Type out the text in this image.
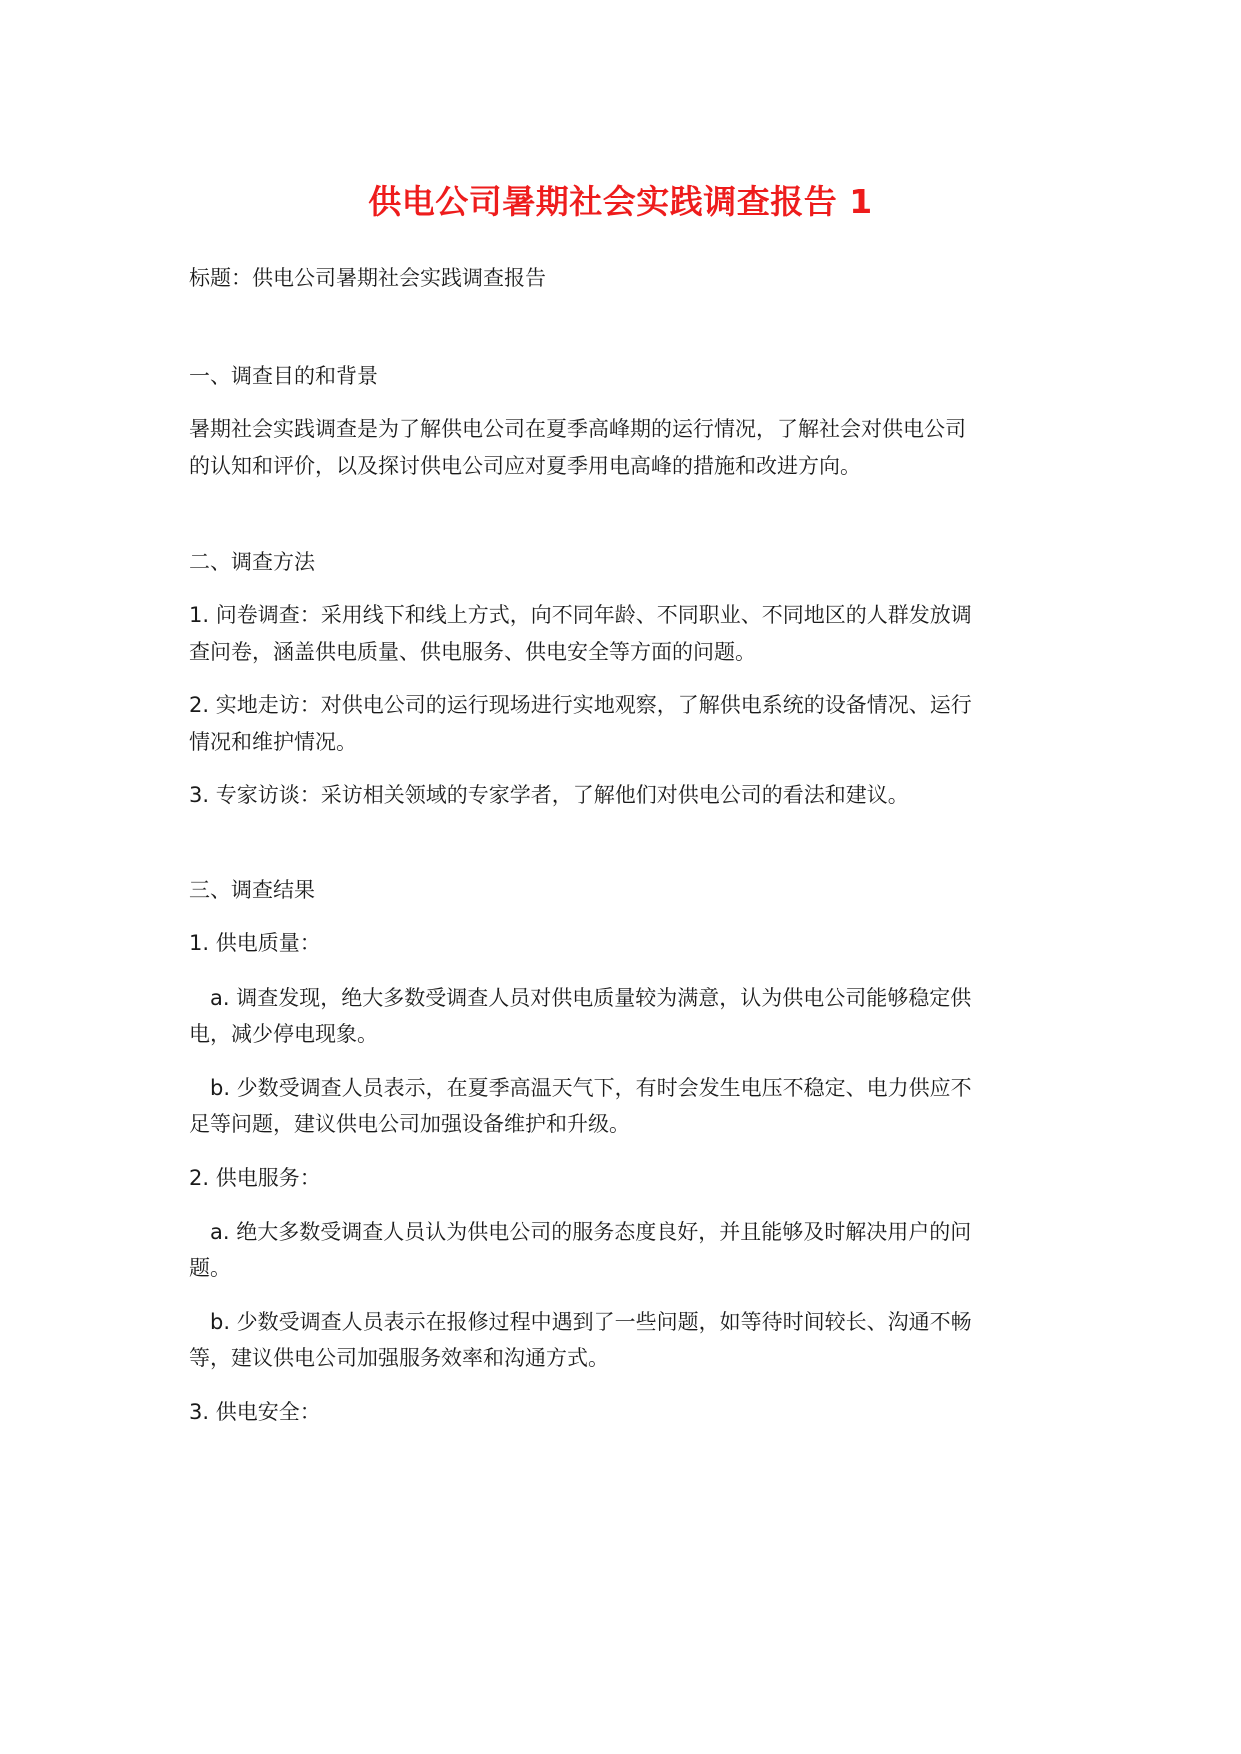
供电公司暑期社会实践调查报告 1
标题：供电公司暑期社会实践调查报告
一、调查目的和背景
暑期社会实践调查是为了解供电公司在夏季高峰期的运行情况，了解社会对供电公司
的认知和评价，以及探讨供电公司应对夏季用电高峰的措施和改进方向。
二、调查方法
1. 问卷调查：采用线下和线上方式，向不同年龄、不同职业、不同地区的人群发放调
查问卷，涵盖供电质量、供电服务、供电安全等方面的问题。
2. 实地走访：对供电公司的运行现场进行实地观察，了解供电系统的设备情况、运行
情况和维护情况。
3. 专家访谈：采访相关领域的专家学者，了解他们对供电公司的看法和建议。
三、调查结果
1. 供电质量：
a. 调查发现，绝大多数受调查人员对供电质量较为满意，认为供电公司能够稳定供
电，减少停电现象。
b. 少数受调查人员表示，在夏季高温天气下，有时会发生电压不稳定、电力供应不
足等问题，建议供电公司加强设备维护和升级。
2. 供电服务：
a. 绝大多数受调查人员认为供电公司的服务态度良好，并且能够及时解决用户的问
题。
b. 少数受调查人员表示在报修过程中遇到了一些问题，如等待时间较长、沟通不畅
等，建议供电公司加强服务效率和沟通方式。
3. 供电安全：
